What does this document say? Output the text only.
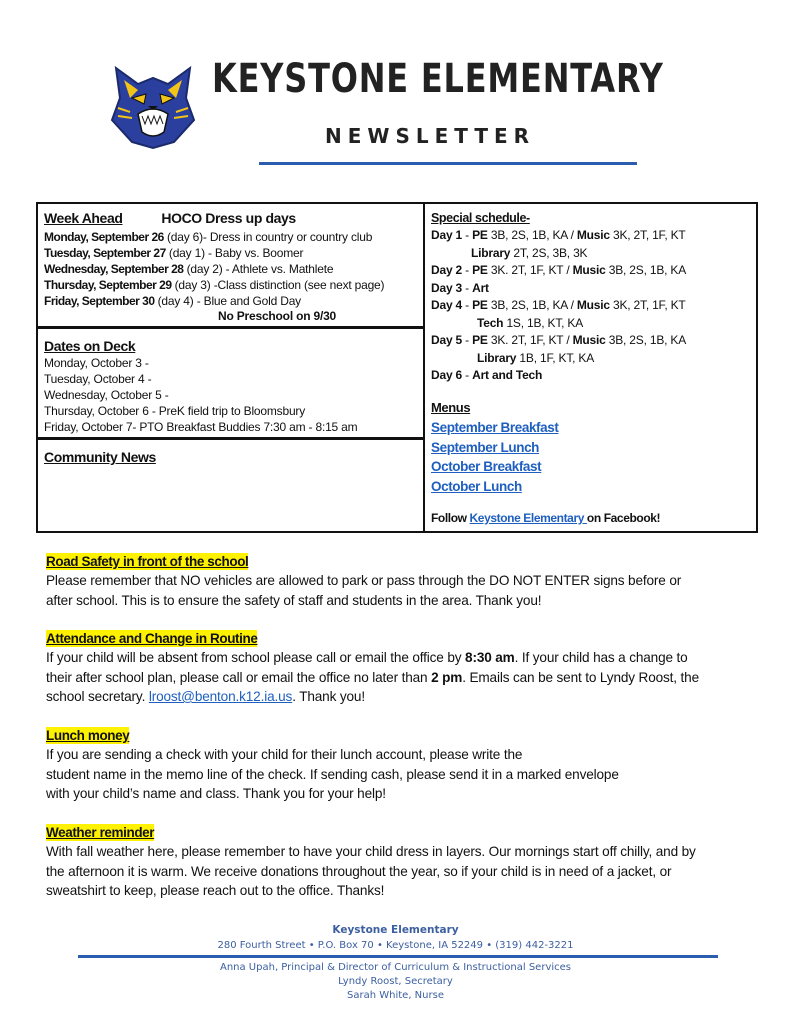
KEYSTONE ELEMENTARY
NEWSLETTER
Week Ahead	HOCO Dress up days
Monday, September 26 (day 6)- Dress in country or country club
Tuesday, September 27 (day 1) - Baby vs. Boomer
Wednesday, September 28 (day 2) - Athlete vs. Mathlete
Thursday, September 29 (day 3) -Class distinction (see next page)
Friday, September 30 (day 4) - Blue and Gold Day
No Preschool on 9/30
Dates on Deck
Monday, October 3 -
Tuesday, October 4 -
Wednesday, October 5 -
Thursday, October 6 - PreK field trip to Bloomsbury
Friday, October 7- PTO Breakfast Buddies 7:30 am - 8:15 am
Community News
Special schedule-
Day 1 - PE 3B, 2S, 1B, KA / Music 3K, 2T, 1F, KT
Library 2T, 2S, 3B, 3K
Day 2 - PE 3K. 2T, 1F, KT / Music 3B, 2S, 1B, KA
Day 3 - Art
Day 4 - PE 3B, 2S, 1B, KA / Music 3K, 2T, 1F, KT
Tech 1S, 1B, KT, KA
Day 5 - PE 3K. 2T, 1F, KT / Music 3B, 2S, 1B, KA
Library 1B, 1F, KT, KA
Day 6 - Art and Tech
Menus
September Breakfast
September Lunch
October Breakfast
October Lunch
Follow Keystone Elementary on Facebook!
Road Safety in front of the school
Please remember that NO vehicles are allowed to park or pass through the DO NOT ENTER signs before or
after school. This is to ensure the safety of staff and students in the area. Thank you!
Attendance and Change in Routine
If your child will be absent from school please call or email the office by 8:30 am. If your child has a change to
their after school plan, please call or email the office no later than 2 pm. Emails can be sent to Lyndy Roost, the
school secretary. lroost@benton.k12.ia.us. Thank you!
Lunch money
If you are sending a check with your child for their lunch account, please write the
student name in the memo line of the check. If sending cash, please send it in a marked envelope
with your child’s name and class. Thank you for your help!
Weather reminder
With fall weather here, please remember to have your child dress in layers. Our mornings start off chilly, and by
the afternoon it is warm. We receive donations throughout the year, so if your child is in need of a jacket, or
sweatshirt to keep, please reach out to the office. Thanks!
Keystone Elementary
280 Fourth Street • P.O. Box 70 • Keystone, IA 52249 • (319) 442-3221
Anna Upah, Principal & Director of Curriculum & Instructional Services
Lyndy Roost, Secretary
Sarah White, Nurse
